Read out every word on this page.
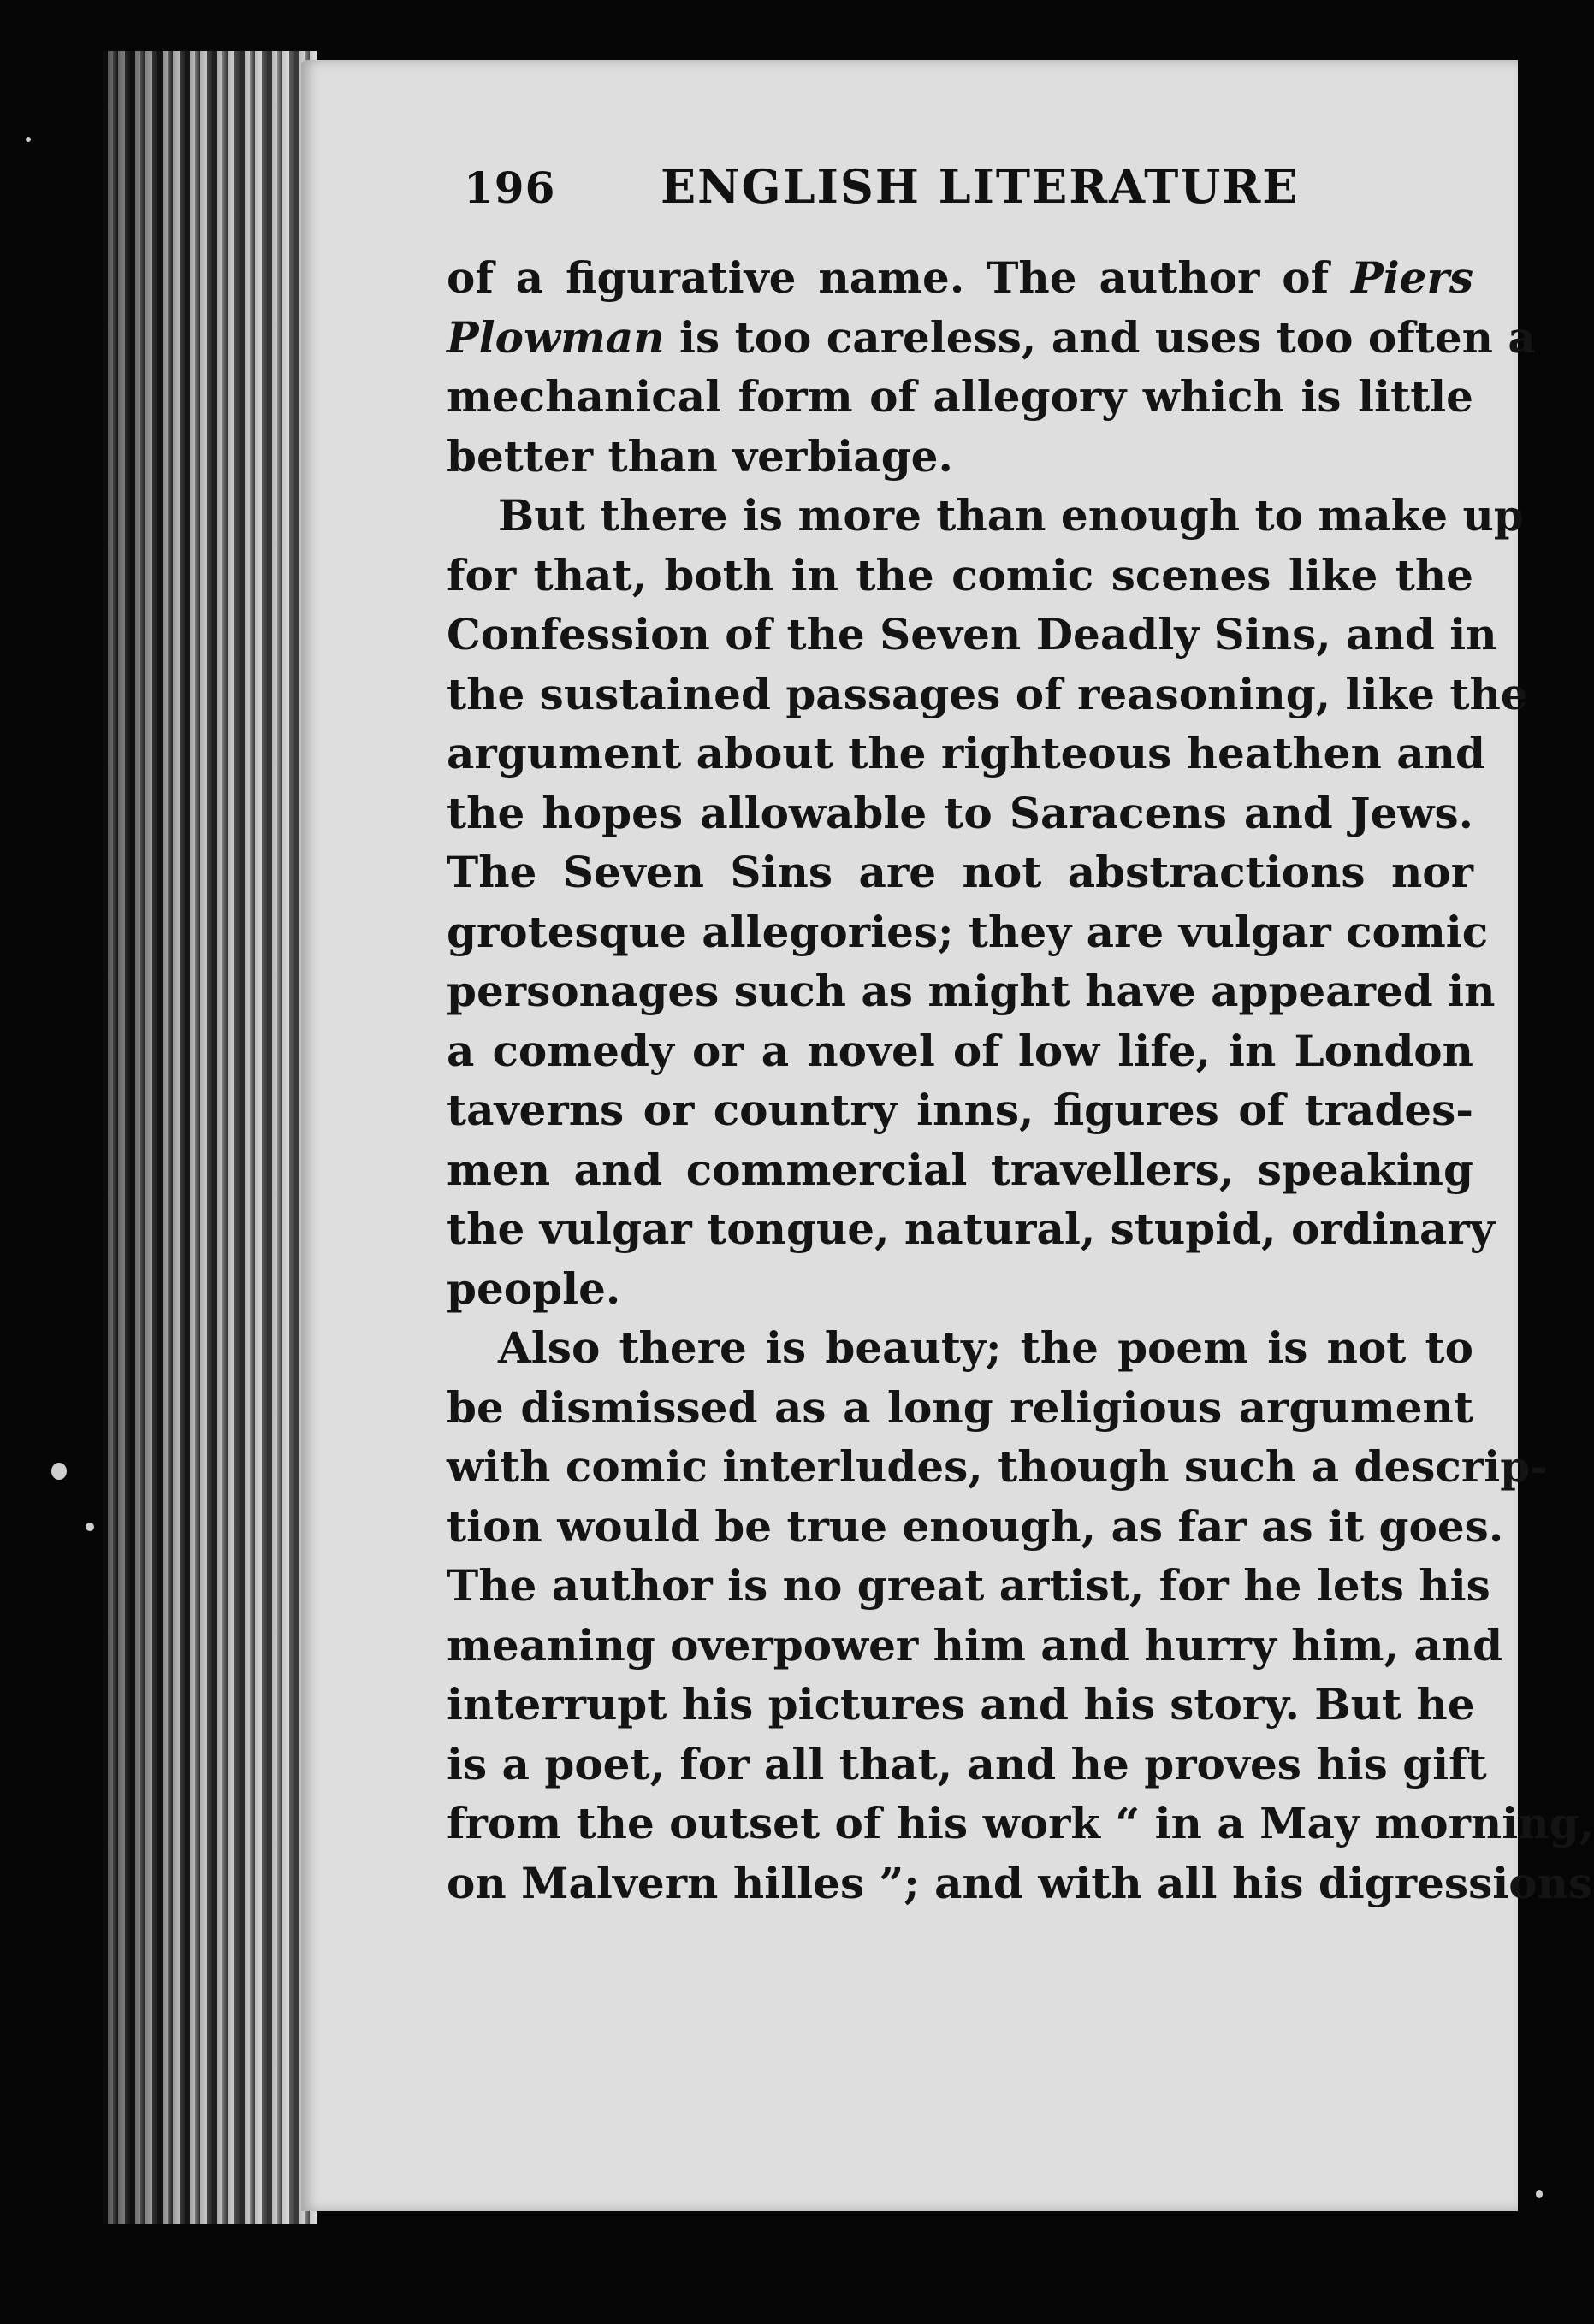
196 ENGLISH LITERATURE
of a figurative name. The author of Piers
Plowman is too careless, and uses too often a
mechanical form of allegory which is little
better than verbiage.
But there is more than enough to make up
for that, both in the comic scenes like the
Confession of the Seven Deadly Sins, and in
the sustained passages of reasoning, like the
argument about the righteous heathen and
the hopes allowable to Saracens and Jews.
The Seven Sins are not abstractions nor
grotesque allegories; they are vulgar comic
personages such as might have appeared in
a comedy or a novel of low life, in London
taverns or country inns, figures of trades-
men and commercial travellers, speaking
the vulgar tongue, natural, stupid, ordinary
people.
Also there is beauty; the poem is not to
be dismissed as a long religious argument
with comic interludes, though such a descrip-
tion would be true enough, as far as it goes.
The author is no great artist, for he lets his
meaning overpower him and hurry him, and
interrupt his pictures and his story. But he
is a poet, for all that, and he proves his gift
from the outset of his work “ in a May morning,
on Malvern hilles ”; and with all his digressions
